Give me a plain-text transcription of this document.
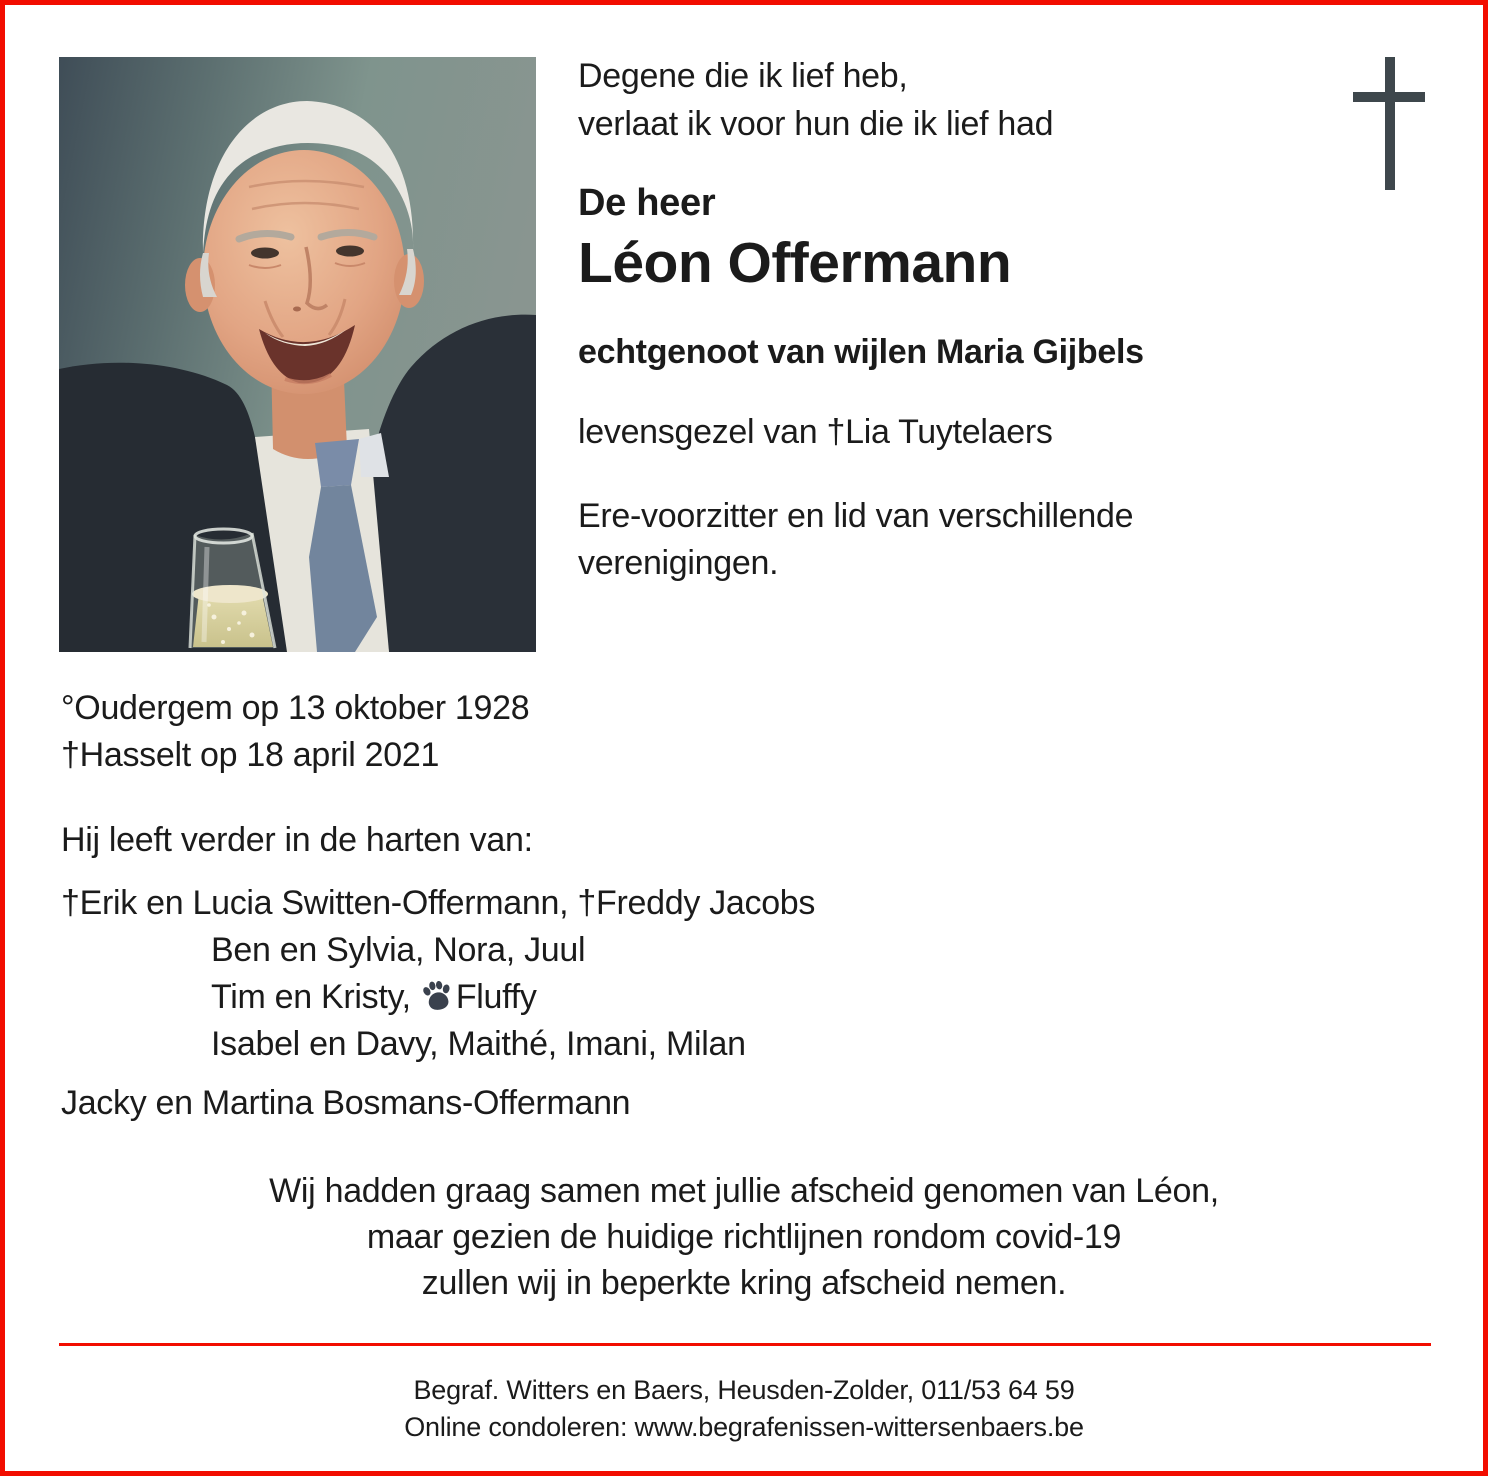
Degene die ik lief heb,
verlaat ik voor hun die ik lief had
De heer
Léon Offermann
echtgenoot van wijlen Maria Gijbels
levensgezel van †Lia Tuytelaers
Ere-voorzitter en lid van verschillende
verenigingen.
°Oudergem op 13 oktober 1928
†Hasselt op 18 april 2021
Hij leeft verder in de harten van:
†Erik en Lucia Switten-Offermann, †Freddy Jacobs
Ben en Sylvia, Nora, Juul
Tim en Kristy, Fluffy
Isabel en Davy, Maithé, Imani, Milan
Jacky en Martina Bosmans-Offermann
Wij hadden graag samen met jullie afscheid genomen van Léon,
maar gezien de huidige richtlijnen rondom covid-19
zullen wij in beperkte kring afscheid nemen.
Begraf. Witters en Baers, Heusden-Zolder, 011/53 64 59
Online condoleren: www.begrafenissen-wittersenbaers.be
